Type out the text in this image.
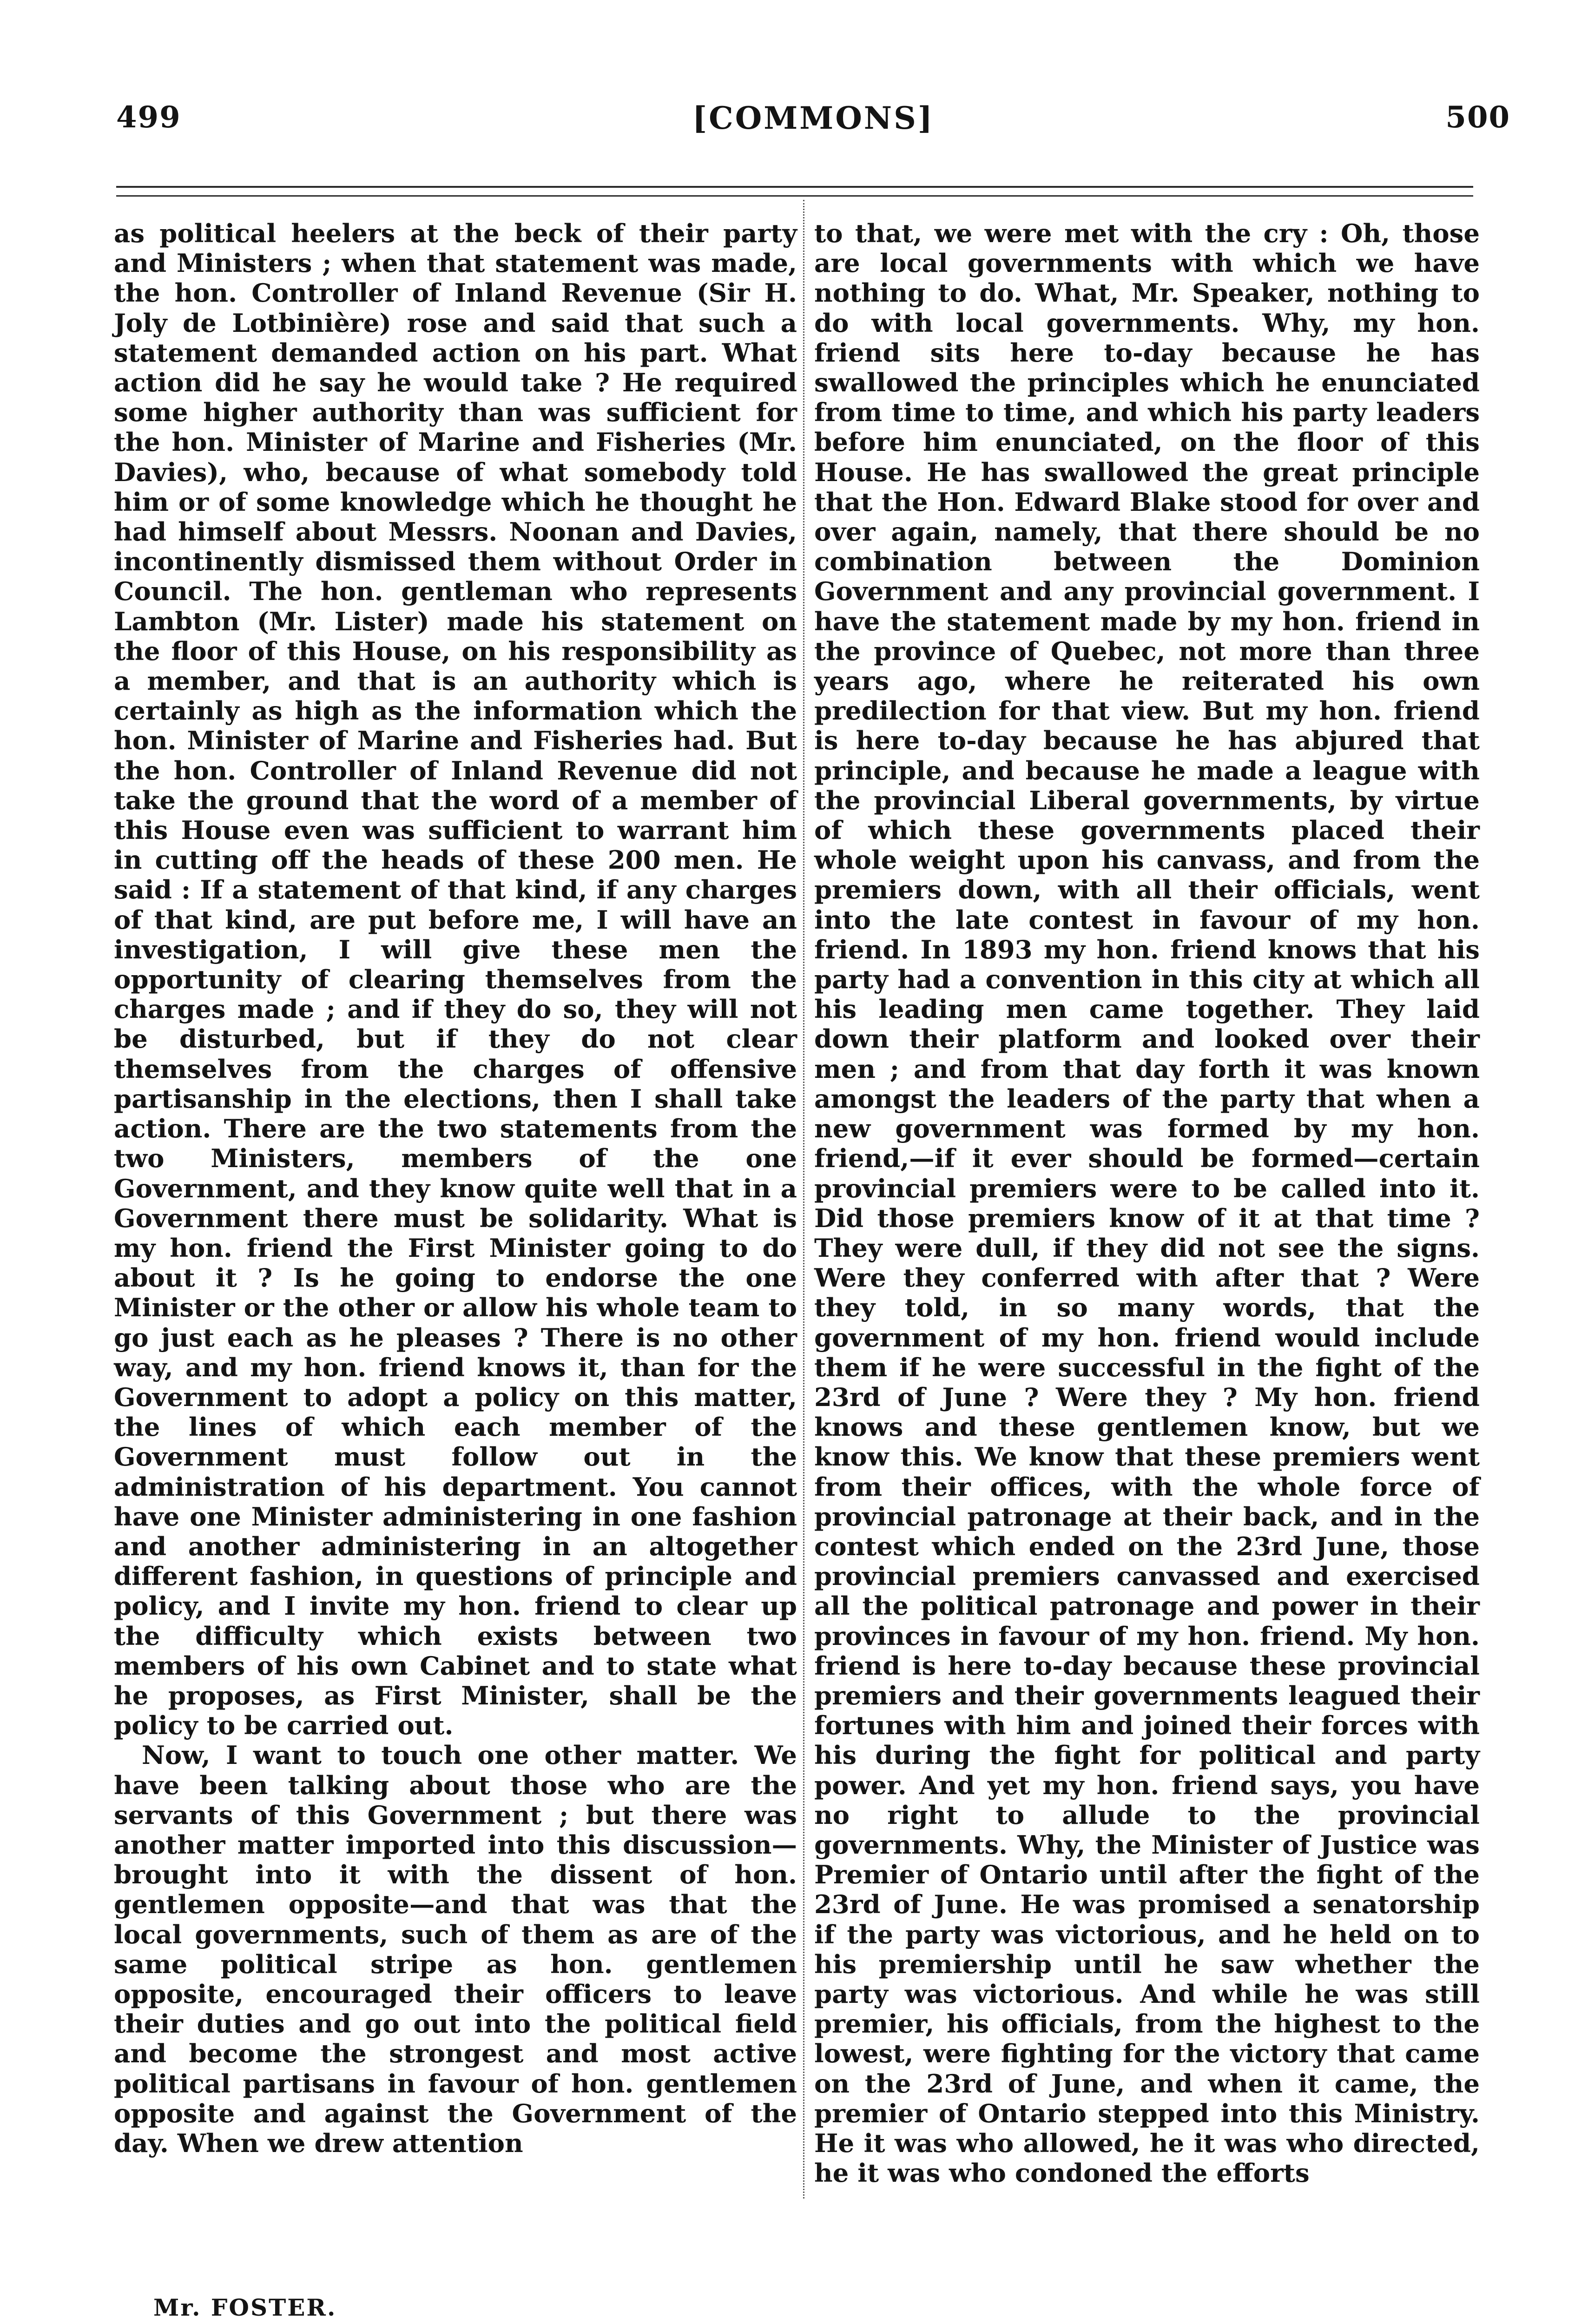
499	[COMMONS]	500

as political heelers at the beck of their party and Ministers ; when that statement was made, the hon. Controller of Inland Revenue (Sir H. Joly de Lotbinière) rose and said that such a statement demanded action on his part. What action did he say he would take ? He required some higher authority than was sufficient for the hon. Minister of Marine and Fisheries (Mr. Davies), who, because of what somebody told him or of some knowledge which he thought he had himself about Messrs. Noonan and Davies, incontinently dismissed them without Order in Council. The hon. gentleman who represents Lambton (Mr. Lister) made his statement on the floor of this House, on his responsibility as a member, and that is an authority which is certainly as high as the information which the hon. Minister of Marine and Fisheries had. But the hon. Controller of Inland Revenue did not take the ground that the word of a member of this House even was sufficient to warrant him in cutting off the heads of these 200 men. He said : If a statement of that kind, if any charges of that kind, are put before me, I will have an investigation, I will give these men the opportunity of clearing themselves from the charges made ; and if they do so, they will not be disturbed, but if they do not clear themselves from the charges of offensive partisanship in the elections, then I shall take action. There are the two statements from the two Ministers, members of the one Government, and they know quite well that in a Government there must be solidarity. What is my hon. friend the First Minister going to do about it ? Is he going to endorse the one Minister or the other or allow his whole team to go just each as he pleases ? There is no other way, and my hon. friend knows it, than for the Government to adopt a policy on this matter, the lines of which each member of the Government must follow out in the administration of his department. You cannot have one Minister administering in one fashion and another administering in an altogether different fashion, in questions of principle and policy, and I invite my hon. friend to clear up the difficulty which exists between two members of his own Cabinet and to state what he proposes, as First Minister, shall be the policy to be carried out.

Now, I want to touch one other matter. We have been talking about those who are the servants of this Government ; but there was another matter imported into this discussion—brought into it with the dissent of hon. gentlemen opposite—and that was that the local governments, such of them as are of the same political stripe as hon. gentlemen opposite, encouraged their officers to leave their duties and go out into the political field and become the strongest and most active political partisans in favour of hon. gentlemen opposite and against the Government of the day. When we drew attention

to that, we were met with the cry : Oh, those are local governments with which we have nothing to do. What, Mr. Speaker, nothing to do with local governments. Why, my hon. friend sits here to-day because he has swallowed the principles which he enunciated from time to time, and which his party leaders before him enunciated, on the floor of this House. He has swallowed the great principle that the Hon. Edward Blake stood for over and over again, namely, that there should be no combination between the Dominion Government and any provincial government. I have the statement made by my hon. friend in the province of Quebec, not more than three years ago, where he reiterated his own predilection for that view. But my hon. friend is here to-day because he has abjured that principle, and because he made a league with the provincial Liberal governments, by virtue of which these governments placed their whole weight upon his canvass, and from the premiers down, with all their officials, went into the late contest in favour of my hon. friend. In 1893 my hon. friend knows that his party had a convention in this city at which all his leading men came together. They laid down their platform and looked over their men ; and from that day forth it was known amongst the leaders of the party that when a new government was formed by my hon. friend,—if it ever should be formed—certain provincial premiers were to be called into it. Did those premiers know of it at that time ? They were dull, if they did not see the signs. Were they conferred with after that ? Were they told, in so many words, that the government of my hon. friend would include them if he were successful in the fight of the 23rd of June ? Were they ? My hon. friend knows and these gentlemen know, but we know this. We know that these premiers went from their offices, with the whole force of provincial patronage at their back, and in the contest which ended on the 23rd June, those provincial premiers canvassed and exercised all the political patronage and power in their provinces in favour of my hon. friend. My hon. friend is here to-day because these provincial premiers and their governments leagued their fortunes with him and joined their forces with his during the fight for political and party power. And yet my hon. friend says, you have no right to allude to the provincial governments. Why, the Minister of Justice was Premier of Ontario until after the fight of the 23rd of June. He was promised a senatorship if the party was victorious, and he held on to his premiership until he saw whether the party was victorious. And while he was still premier, his officials, from the highest to the lowest, were fighting for the victory that came on the 23rd of June, and when it came, the premier of Ontario stepped into this Ministry. He it was who allowed, he it was who directed, he it was who condoned the efforts

Mr. FOSTER.
